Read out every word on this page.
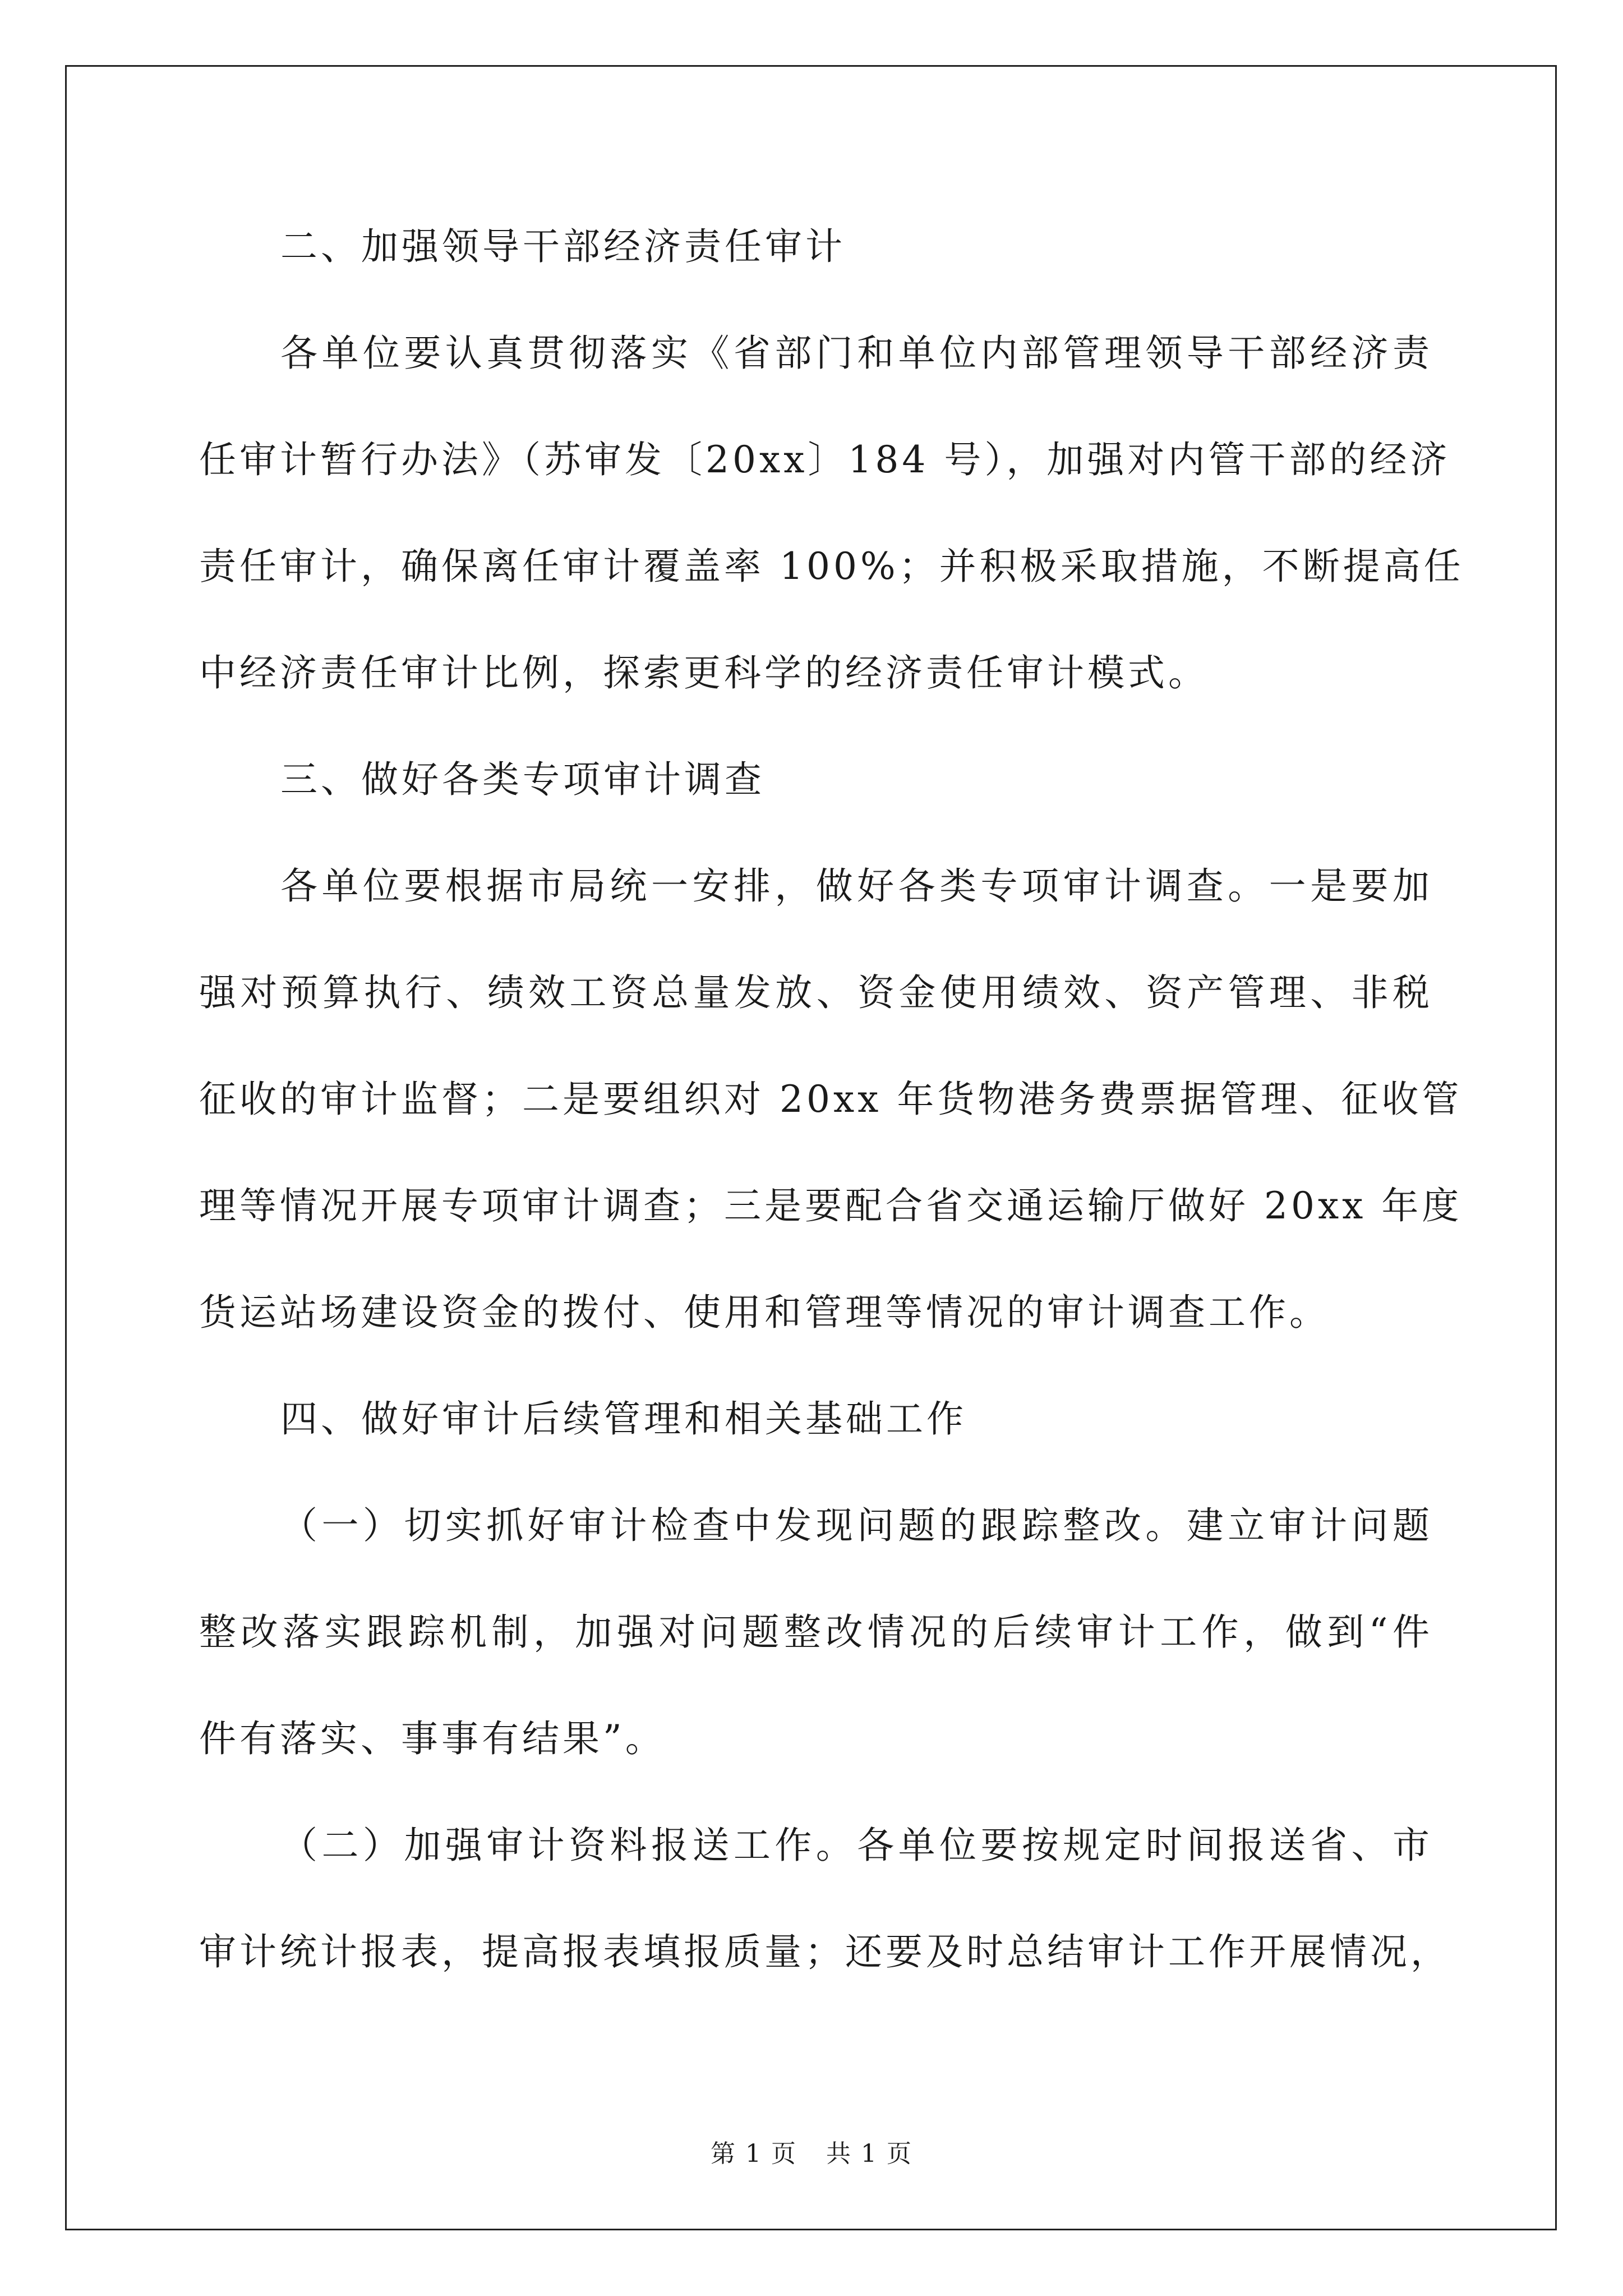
二、加强领导干部经济责任审计
各单位要认真贯彻落实《省部门和单位内部管理领导干部经济责
任审计暂行办法》（苏审发〔20xx〕184 号），加强对内管干部的经济
责任审计，确保离任审计覆盖率 100%；并积极采取措施，不断提高任
中经济责任审计比例，探索更科学的经济责任审计模式。
三、做好各类专项审计调查
各单位要根据市局统一安排，做好各类专项审计调查。一是要加
强对预算执行、绩效工资总量发放、资金使用绩效、资产管理、非税
征收的审计监督；二是要组织对 20xx 年货物港务费票据管理、征收管
理等情况开展专项审计调查；三是要配合省交通运输厅做好 20xx 年度
货运站场建设资金的拨付、使用和管理等情况的审计调查工作。
四、做好审计后续管理和相关基础工作
（一）切实抓好审计检查中发现问题的跟踪整改。建立审计问题
整改落实跟踪机制，加强对问题整改情况的后续审计工作，做到“件
件有落实、事事有结果”。
（二）加强审计资料报送工作。各单位要按规定时间报送省、市
审计统计报表，提高报表填报质量；还要及时总结审计工作开展情况，
第 1 页 共 1 页
